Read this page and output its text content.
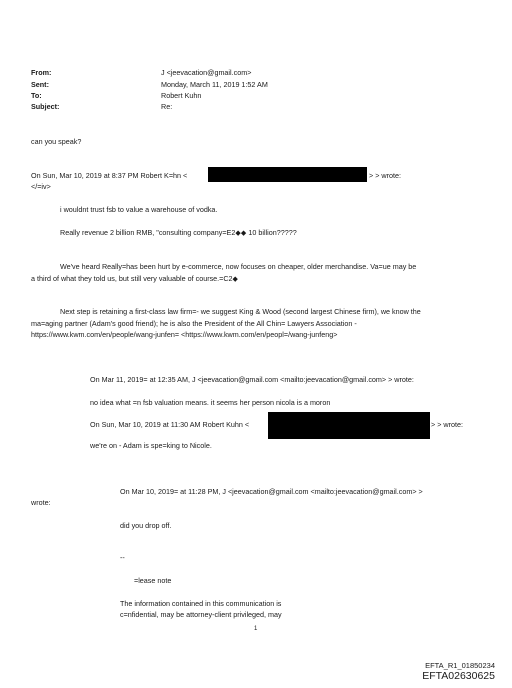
From:	J <jeevacation@gmail.com>
Sent:	Monday, March 11, 2019 1:52 AM
To:	Robert Kuhn
Subject:	Re:
can you speak?
On Sun, Mar 10, 2019 at 8:37 PM Robert K=hn <	> > wrote:
</=iv>
i wouldnt trust fsb to value a warehouse of vodka.
Really revenue 2 billion RMB, "consulting company=E2◆◆ 10 billion?????
We've heard Really=has been hurt by e-commerce, now focuses on cheaper, older merchandise. Va=ue may be
a third of what they told us, but still very valuable of course.=C2◆
Next step is retaining a first-class law firm=- we suggest King & Wood (second largest Chinese firm), we know the
ma=aging partner (Adam's good friend); he is also the President of the All Chin= Lawyers Association -
https://www.kwm.com/en/people/wang-junfen= <https://www.kwm.com/en/peopl=/wang-junfeng>
On Mar 11, 2019= at 12:35 AM, J <jeevacation@gmail.com <mailto:jeevacation@gmail.com> > wrote:
no idea what =n fsb valuation means. it seems her person nicola is a moron
On Sun, Mar 10, 2019 at 11:30 AM Robert Kuhn <	> > wrote:
we're on - Adam is spe=king to Nicole.
On Mar 10, 2019= at 11:28 PM, J <jeevacation@gmail.com <mailto:jeevacation@gmail.com> >
wrote:
did you drop off.
--
=lease note
The information contained in this communication is
c=nfidential, may be attorney-client privileged, may
1
EFTA_R1_01850234
EFTA02630625
